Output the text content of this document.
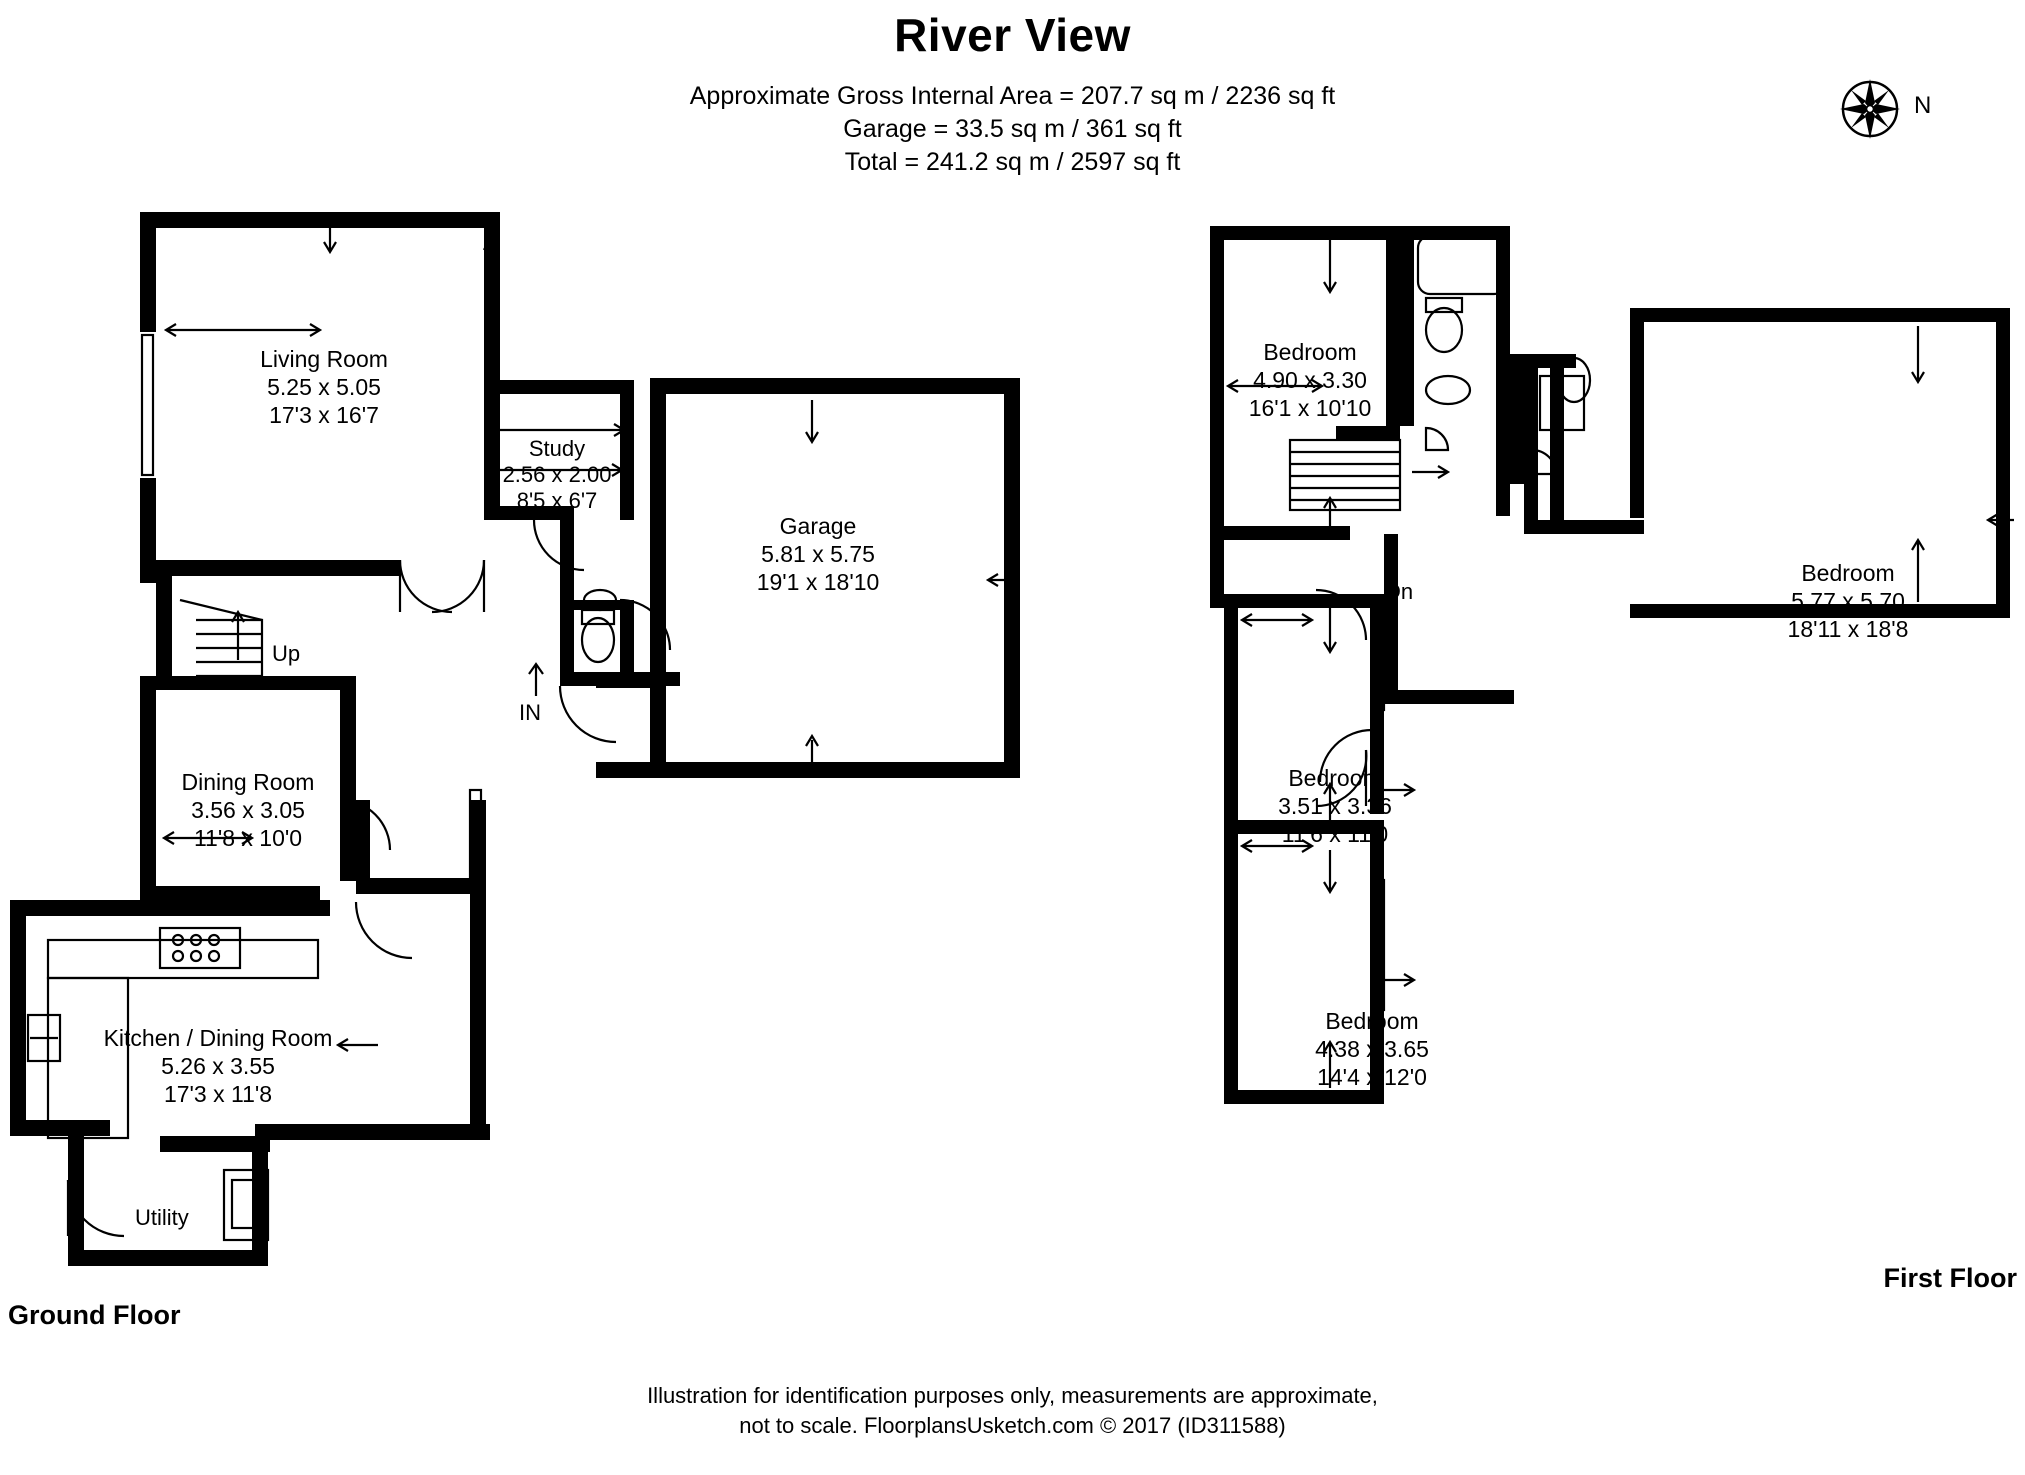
River View
Approximate Gross Internal Area = 207.7 sq m / 2236 sq ft
Garage = 33.5 sq m / 361 sq ft
Total = 241.2 sq m / 2597 sq ft
N
Living Room
5.25 x 5.05
17'3 x 16'7
Study
2.56 x 2.00
8'5 x 6'7
Garage
5.81 x 5.75
19'1 x 18'10
Dining Room
3.56 x 3.05
11'8 x 10'0
Kitchen / Dining Room
5.26 x 3.55
17'3 x 11'8
Utility
Up
IN
Ground Floor
Bedroom
4.90 x 3.30
16'1 x 10'10
Bedroom
5.77 x 5.70
18'11 x 18'8
Bedroom
3.51 x 3.36
11'6 x 11'0
Bedroom
4.38 x 3.65
14'4 x 12'0
Dn
First Floor
Illustration for identification purposes only, measurements are approximate,
not to scale. FloorplansUsketch.com © 2017 (ID311588)
